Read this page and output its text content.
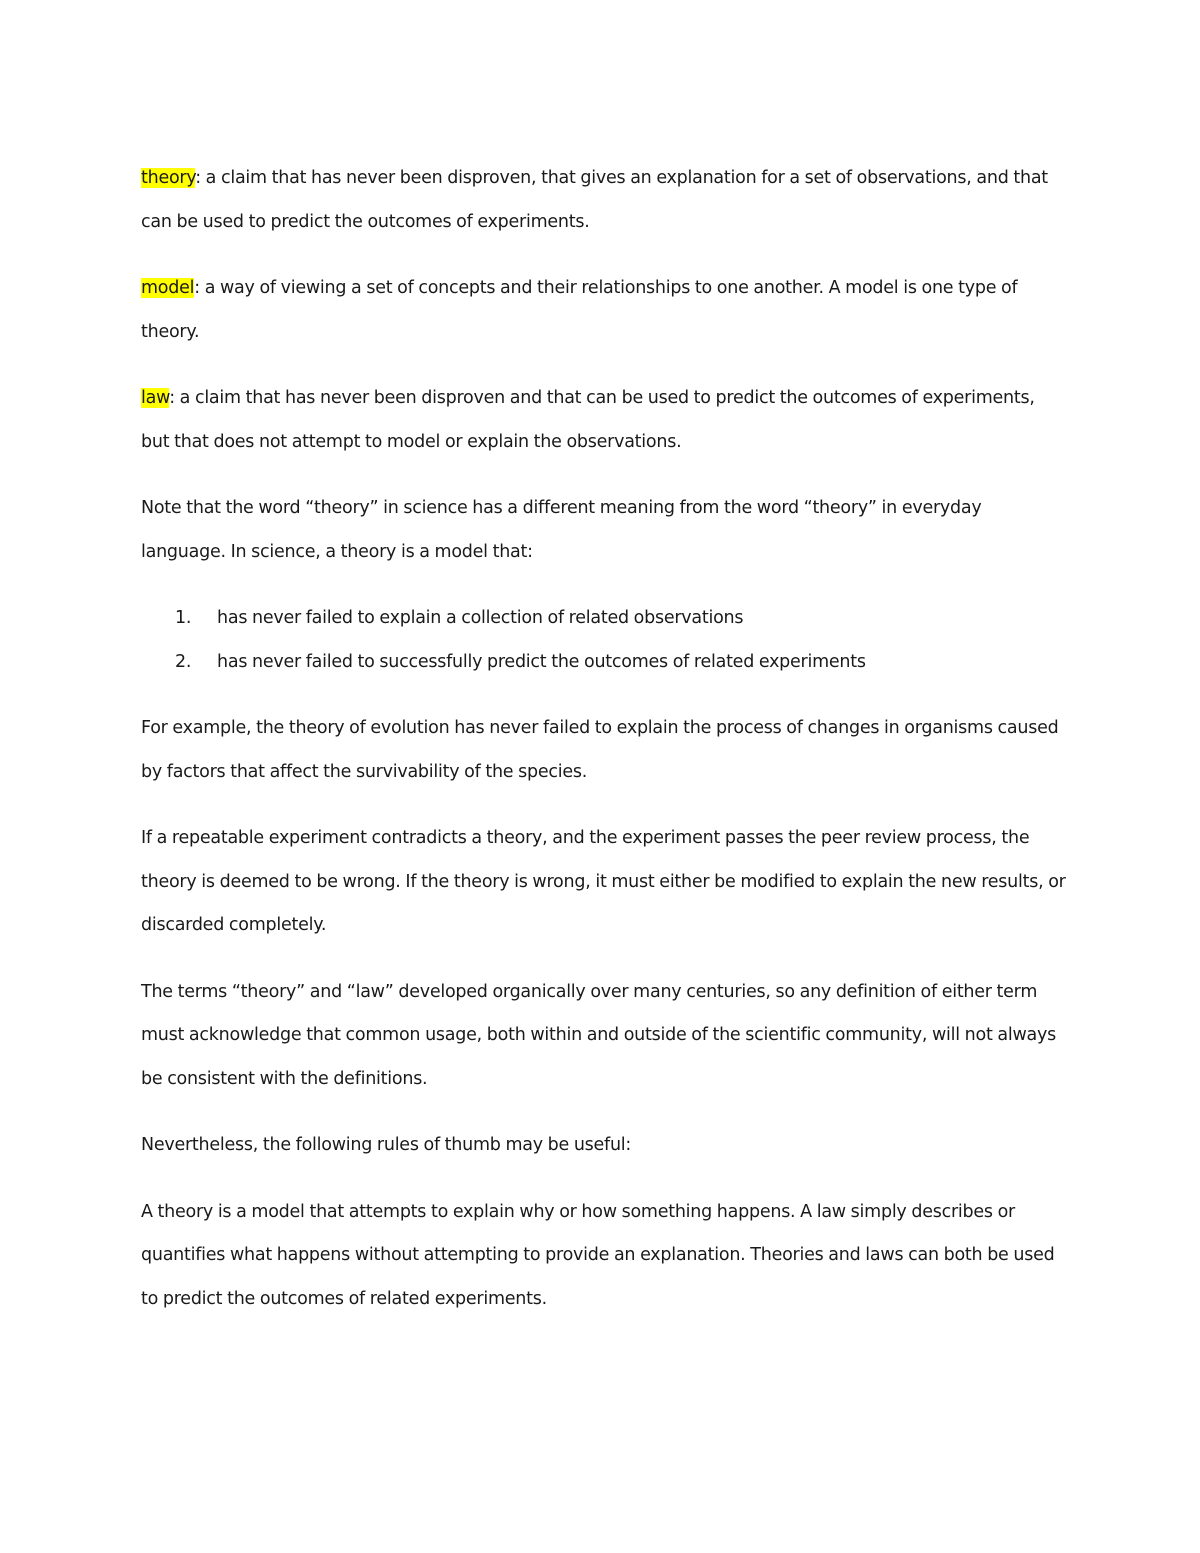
theory: a claim that has never been disproven, that gives an explanation for a set of observations, and that can be used to predict the outcomes of experiments.

model: a way of viewing a set of concepts and their relationships to one another. A model is one type of theory.

law: a claim that has never been disproven and that can be used to predict the outcomes of experiments, but that does not attempt to model or explain the observations.

Note that the word “theory” in science has a different meaning from the word “theory” in everyday language. In science, a theory is a model that:

1. has never failed to explain a collection of related observations
2. has never failed to successfully predict the outcomes of related experiments

For example, the theory of evolution has never failed to explain the process of changes in organisms caused by factors that affect the survivability of the species.

If a repeatable experiment contradicts a theory, and the experiment passes the peer review process, the theory is deemed to be wrong. If the theory is wrong, it must either be modified to explain the new results, or discarded completely.

The terms “theory” and “law” developed organically over many centuries, so any definition of either term must acknowledge that common usage, both within and outside of the scientific community, will not always be consistent with the definitions.

Nevertheless, the following rules of thumb may be useful:

A theory is a model that attempts to explain why or how something happens. A law simply describes or quantifies what happens without attempting to provide an explanation. Theories and laws can both be used to predict the outcomes of related experiments.
